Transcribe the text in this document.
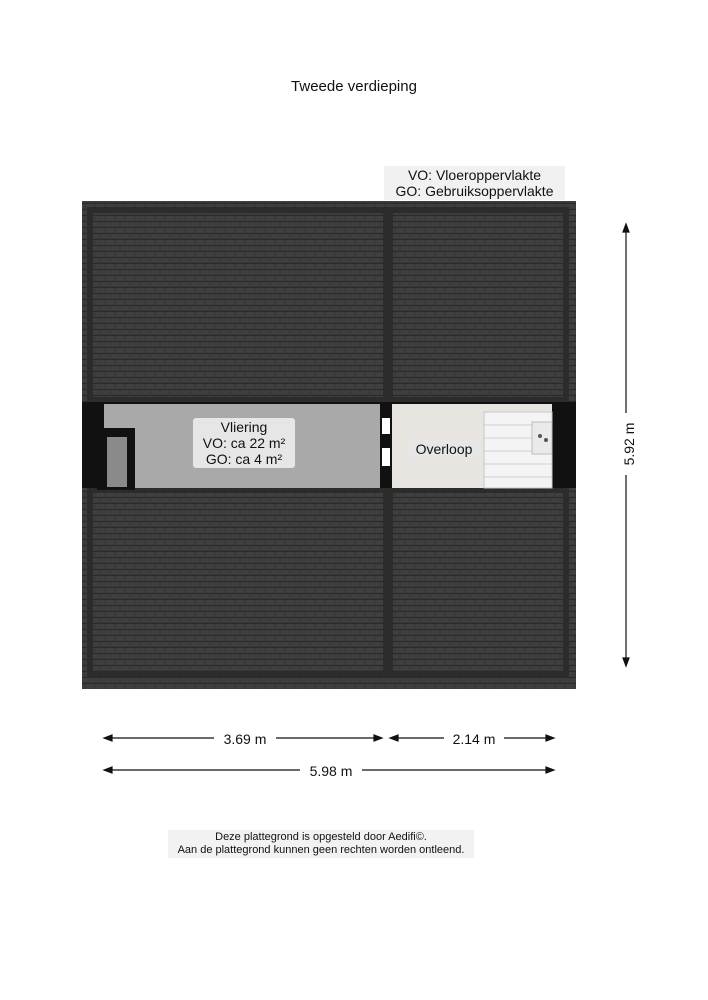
Tweede verdieping
VO: Vloeroppervlakte
GO: Gebruiksoppervlakte
Vliering
VO: ca 22 m²
GO: ca 4 m²
Overloop
3.69 m	2.14 m
5.98 m
5.92 m
Deze plattegrond is opgesteld door Aedifi©.
Aan de plattegrond kunnen geen rechten worden ontleend.
